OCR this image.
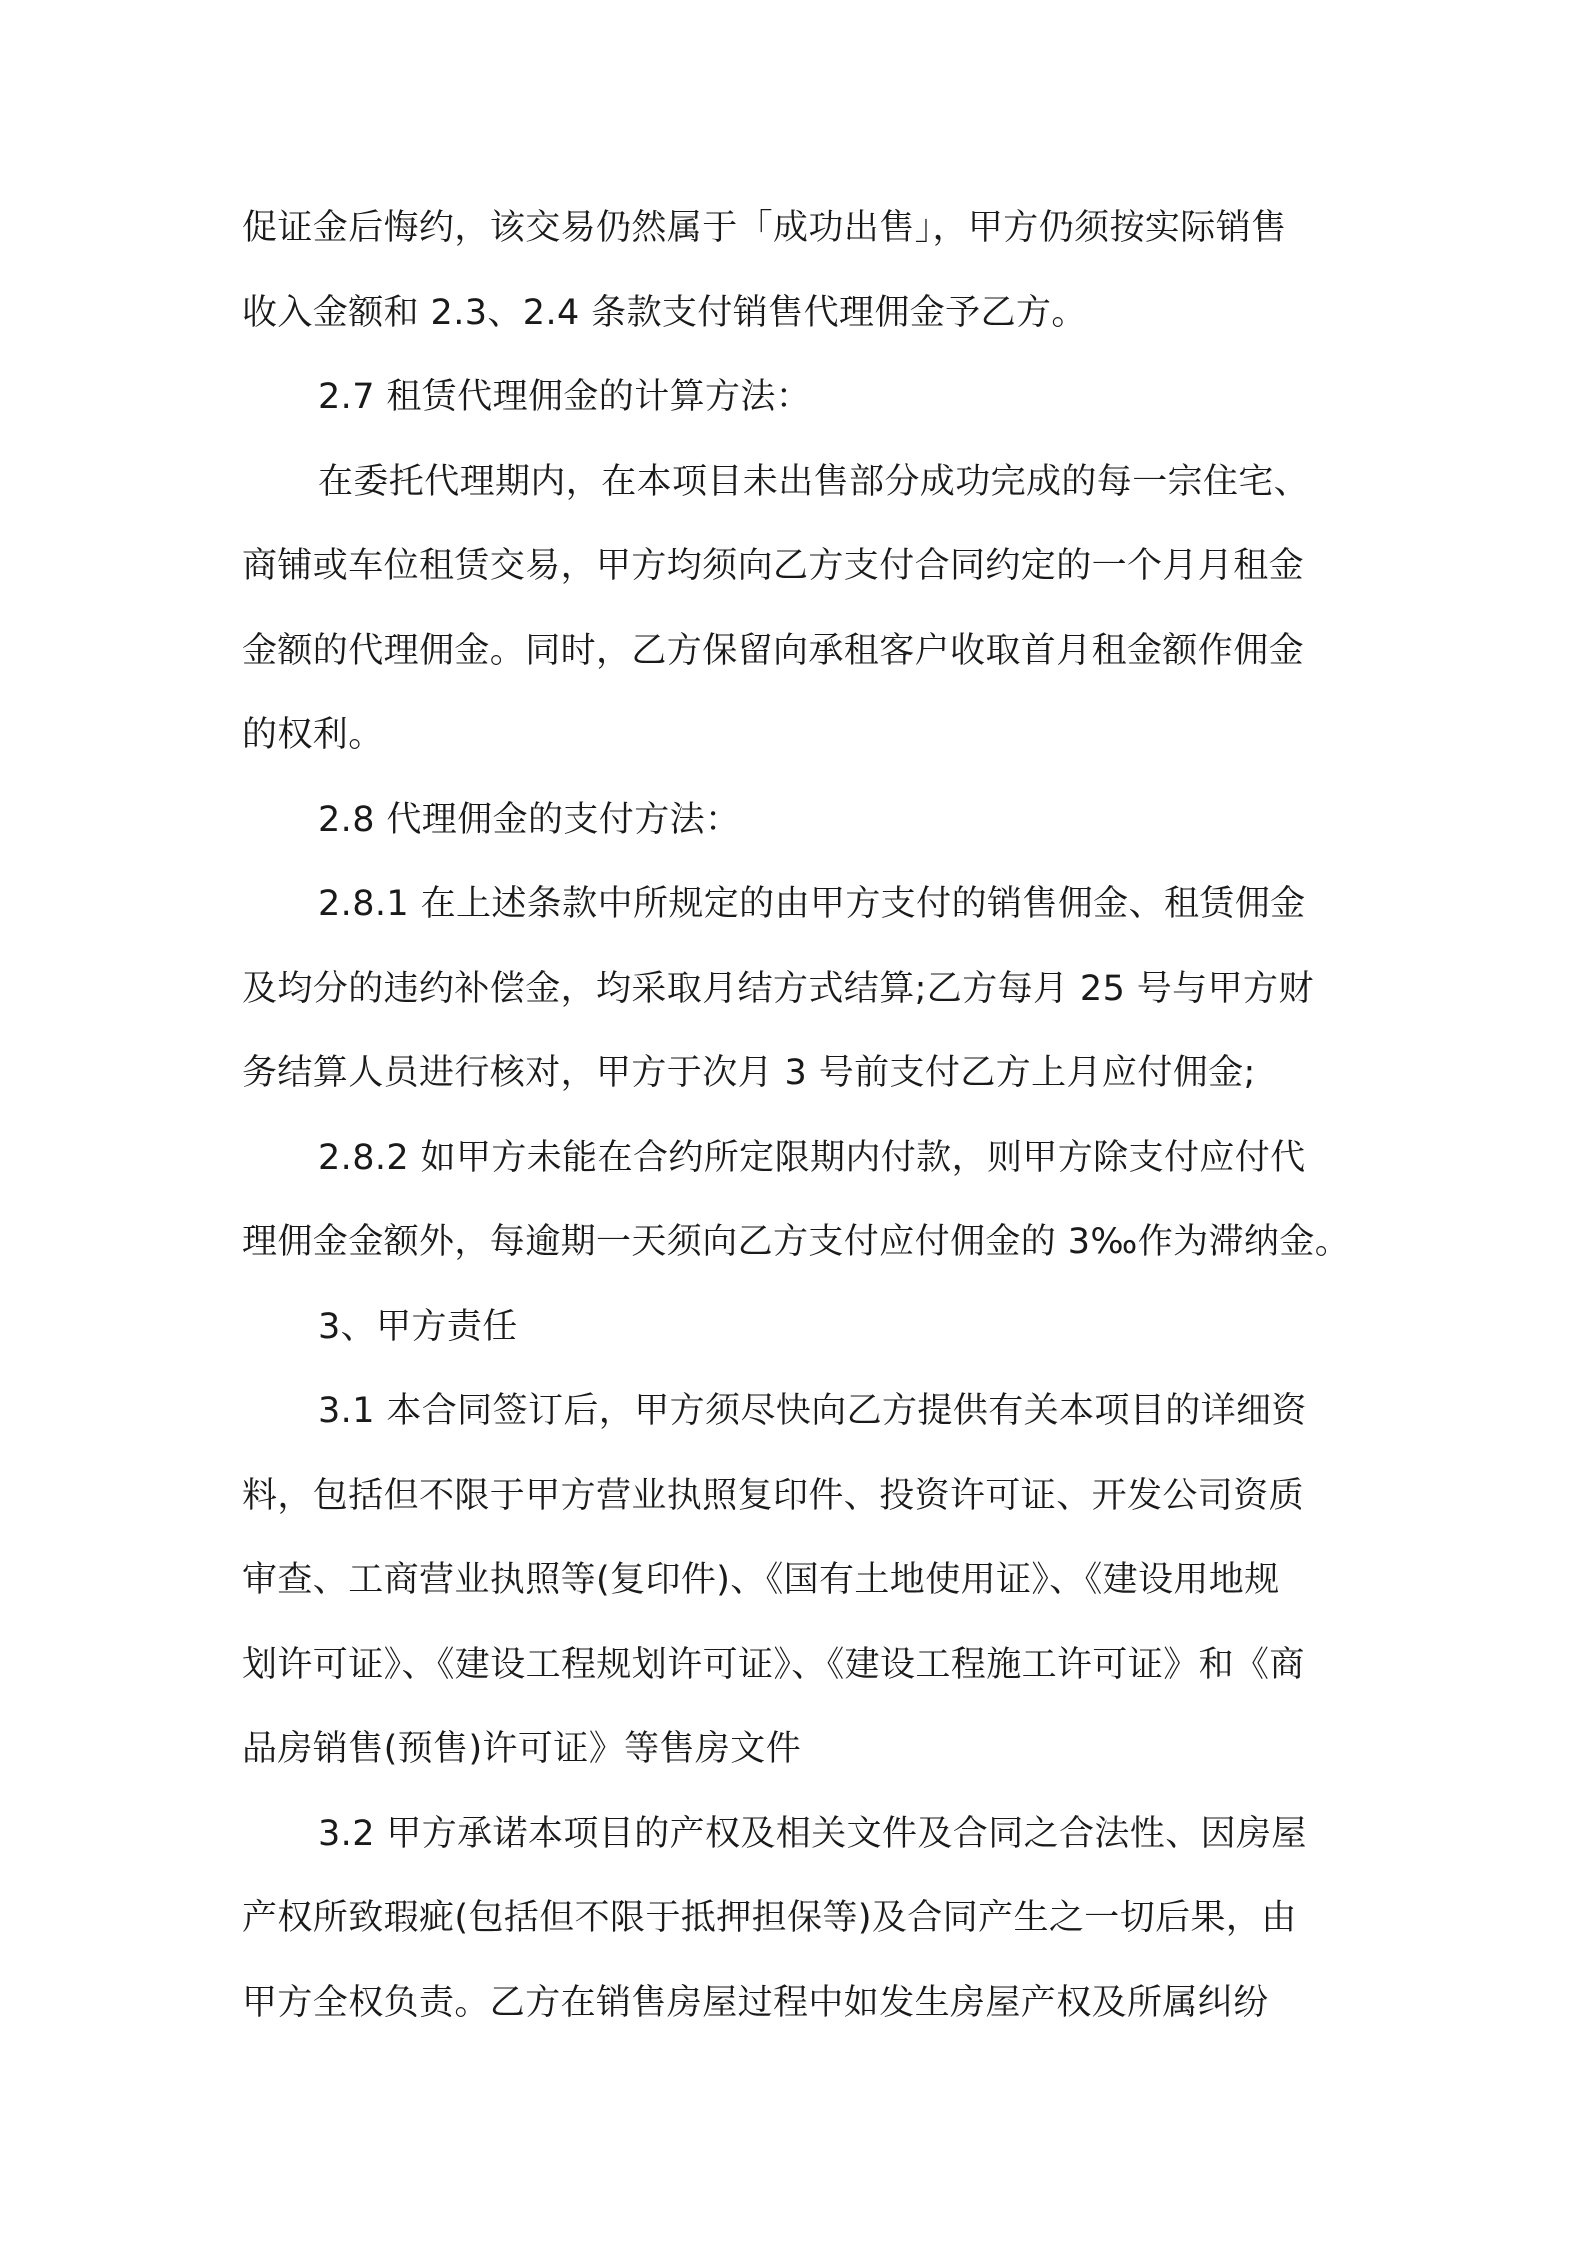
促证金后悔约，该交易仍然属于「成功出售」，甲方仍须按实际销售
收入金额和 2.3、2.4 条款支付销售代理佣金予乙方。
2.7 租赁代理佣金的计算方法：
在委托代理期内，在本项目未出售部分成功完成的每一宗住宅、
商铺或车位租赁交易，甲方均须向乙方支付合同约定的一个月月租金
金额的代理佣金。同时，乙方保留向承租客户收取首月租金额作佣金
的权利。
2.8 代理佣金的支付方法：
2.8.1 在上述条款中所规定的由甲方支付的销售佣金、租赁佣金
及均分的违约补偿金，均采取月结方式结算;乙方每月 25 号与甲方财
务结算人员进行核对，甲方于次月 3 号前支付乙方上月应付佣金;
2.8.2 如甲方未能在合约所定限期内付款，则甲方除支付应付代
理佣金金额外，每逾期一天须向乙方支付应付佣金的 3‰作为滞纳金。
3、甲方责任
3.1 本合同签订后，甲方须尽快向乙方提供有关本项目的详细资
料，包括但不限于甲方营业执照复印件、投资许可证、开发公司资质
审查、工商营业执照等(复印件)、《国有土地使用证》、《建设用地规
划许可证》、《建设工程规划许可证》、《建设工程施工许可证》和《商
品房销售(预售)许可证》等售房文件
3.2 甲方承诺本项目的产权及相关文件及合同之合法性、因房屋
产权所致瑕疵(包括但不限于抵押担保等)及合同产生之一切后果，由
甲方全权负责。乙方在销售房屋过程中如发生房屋产权及所属纠纷
